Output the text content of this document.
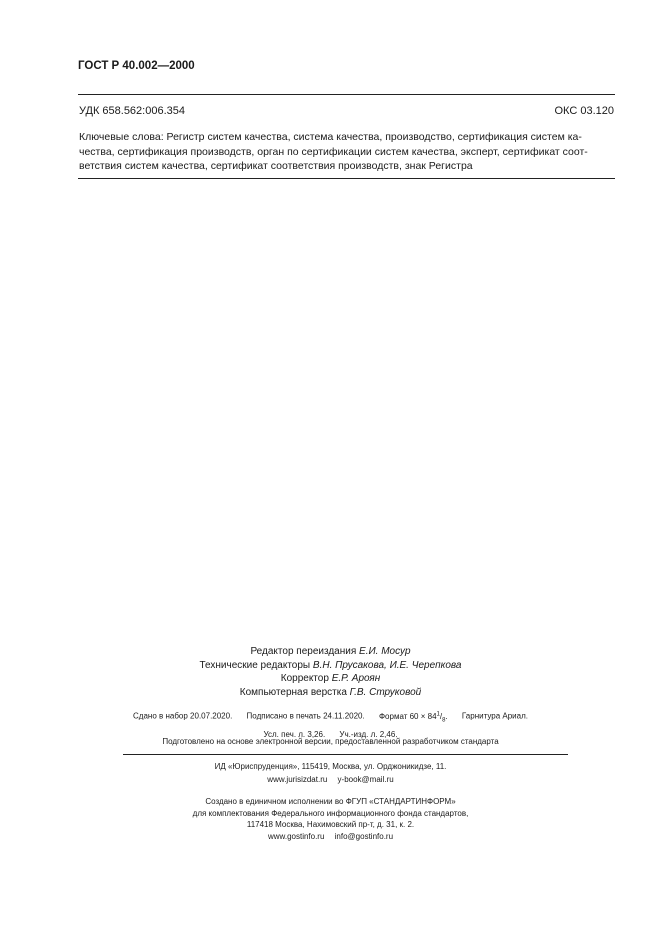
ГОСТ Р 40.002—2000
УДК 658.562:006.354	ОКС 03.120
Ключевые слова: Регистр систем качества, система качества, производство, сертификация систем ка-
чества, сертификация производств, орган по сертификации систем качества, эксперт, сертификат соот-
ветствия систем качества, сертификат соответствия производств, знак Регистра
Редактор переиздания Е.И. Мосур
Технические редакторы В.Н. Прусакова, И.Е. Черепкова
Корректор Е.Р. Ароян
Компьютерная верстка Г.В. Струковой
Сдано в набор 20.07.2020. Подписано в печать 24.11.2020. Формат $60 \times 84^1/_8$. Гарнитура Ариал.
Усл. печ. л. 3,26. Уч.-изд. л. 2,46.
Подготовлено на основе электронной версии, предоставленной разработчиком стандарта
ИД «Юриспруденция», 115419, Москва, ул. Орджоникидзе, 11.
www.jurisizdat.ru y-book@mail.ru
Создано в единичном исполнении во ФГУП «СТАНДАРТИНФОРМ»
для комплектования Федерального информационного фонда стандартов,
117418 Москва, Нахимовский пр-т, д. 31, к. 2.
www.gostinfo.ru info@gostinfo.ru
